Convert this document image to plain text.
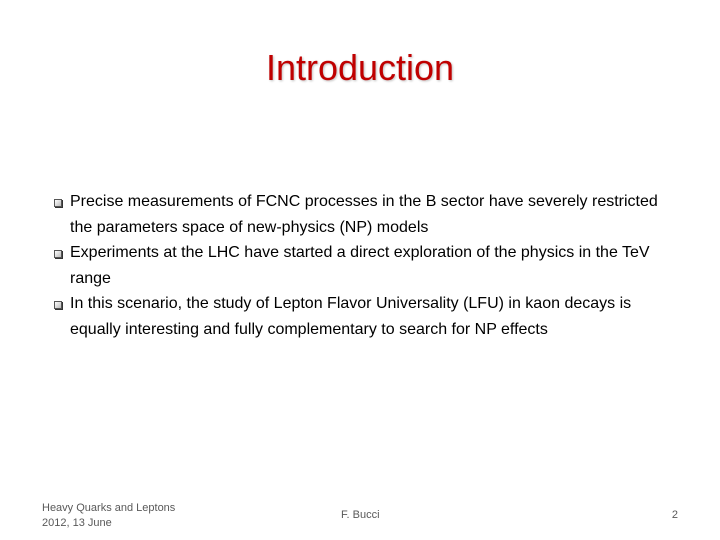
Introduction
Precise measurements of FCNC processes in the B sector have severely restricted the parameters space of new-physics (NP) models
Experiments at the LHC have started a direct exploration of the physics in the TeV range
In this scenario, the study of Lepton Flavor Universality (LFU) in kaon decays is equally interesting and fully complementary to search for NP effects
Heavy Quarks and Leptons
2012, 13 June
F. Bucci	2
